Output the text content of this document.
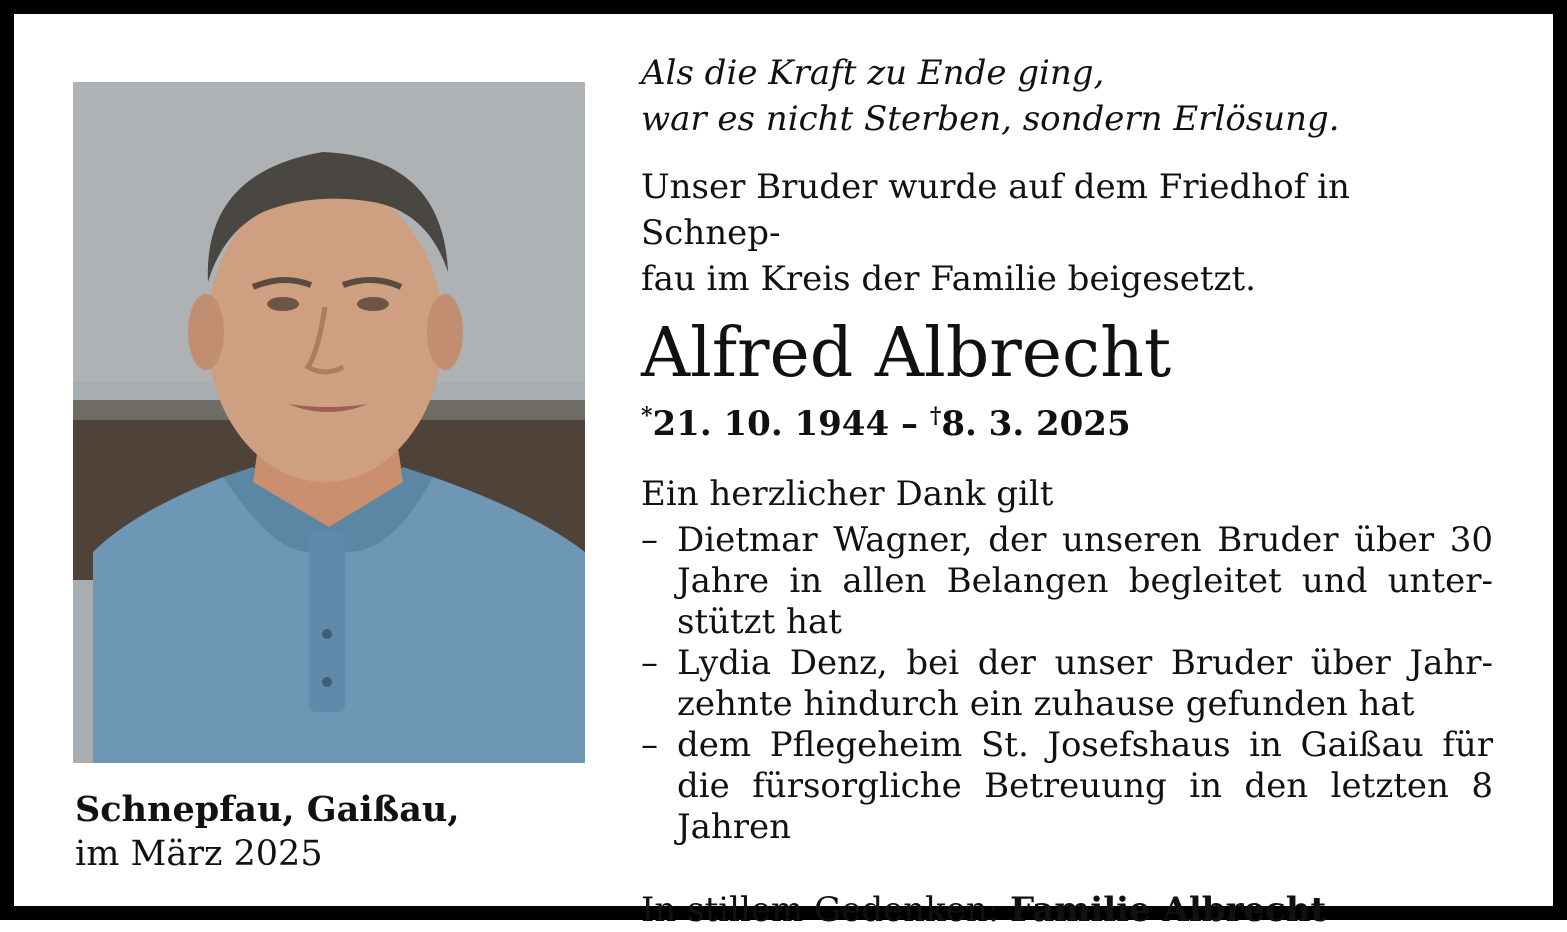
Schnepfau, Gaißau,
im März 2025

Als die Kraft zu Ende ging,
war es nicht Sterben, sondern Erlösung.

Unser Bruder wurde auf dem Friedhof in Schnep-
fau im Kreis der Familie beigesetzt.

Alfred Albrecht

*21. 10. 1944 – †8. 3. 2025

Ein herzlicher Dank gilt

– Dietmar Wagner, der unseren Bruder über 30 Jahre in allen Belangen begleitet und unterstützt hat
– Lydia Denz, bei der unser Bruder über Jahrzehnte hindurch ein zuhause gefunden hat
– dem Pflegeheim St. Josefshaus in Gaißau für die fürsorgliche Betreuung in den letzten 8 Jahren

In stillem Gedenken: Familie Albrecht
